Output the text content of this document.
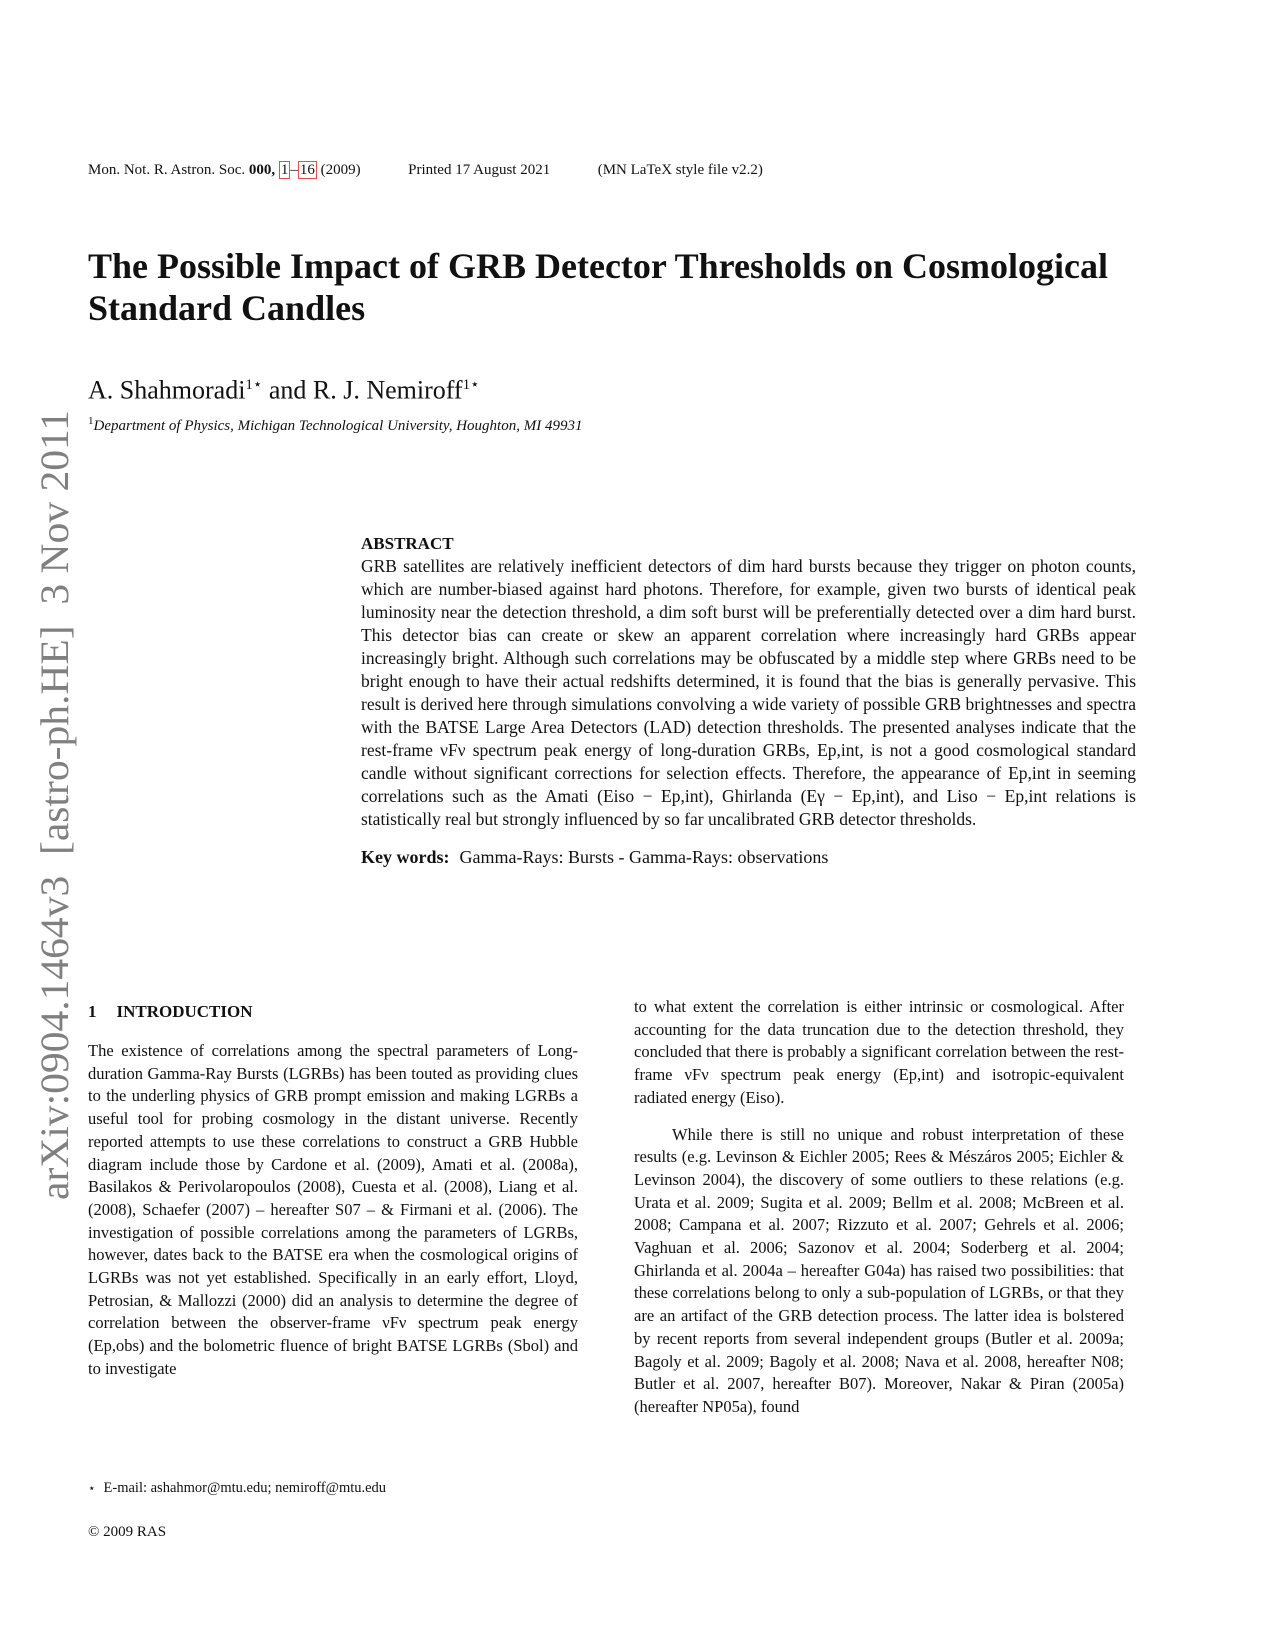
arXiv:0904.1464v3  [astro-ph.HE]  3 Nov 2011
Mon. Not. R. Astron. Soc. 000, 1 – 16 (2009)	Printed 17 August 2021	(MN LaTeX style file v2.2)
The Possible Impact of GRB Detector Thresholds on Cosmological Standard Candles
A. Shahmoradi$^{1⋆}$ and R. J. Nemiroff$^{1⋆}$
$^1$Department of Physics, Michigan Technological University, Houghton, MI 49931
ABSTRACT

GRB satellites are relatively inefficient detectors of dim hard bursts because they trigger on photon counts, which are number-biased against hard photons. Therefore, for example, given two bursts of identical peak luminosity near the detection threshold, a dim soft burst will be preferentially detected over a dim hard burst. This detector bias can create or skew an apparent correlation where increasingly hard GRBs appear increasingly bright. Although such correlations may be obfuscated by a middle step where GRBs need to be bright enough to have their actual redshifts determined, it is found that the bias is generally pervasive. This result is derived here through simulations convolving a wide variety of possible GRB brightnesses and spectra with the BATSE Large Area Detectors (LAD) detection thresholds. The presented analyses indicate that the rest-frame νFν spectrum peak energy of long-duration GRBs, Ep,int, is not a good cosmological standard candle without significant corrections for selection effects. Therefore, the appearance of Ep,int in seeming correlations such as the Amati (Eiso − Ep,int), Ghirlanda (Eγ − Ep,int), and Liso − Ep,int relations is statistically real but strongly influenced by so far uncalibrated GRB detector thresholds.

Key words: Gamma-Rays: Bursts - Gamma-Rays: observations
1 INTRODUCTION

The existence of correlations among the spectral parameters of Long-duration Gamma-Ray Bursts (LGRBs) has been touted as providing clues to the underling physics of GRB prompt emission and making LGRBs a useful tool for probing cosmology in the distant universe. Recently reported attempts to use these correlations to construct a GRB Hubble diagram include those by Cardone et al. (2009), Amati et al. (2008a), Basilakos & Perivolaropoulos (2008), Cuesta et al. (2008), Liang et al. (2008), Schaefer (2007) – hereafter S07 – & Firmani et al. (2006). The investigation of possible correlations among the parameters of LGRBs, however, dates back to the BATSE era when the cosmological origins of LGRBs was not yet established. Specifically in an early effort, Lloyd, Petrosian, & Mallozzi (2000) did an analysis to determine the degree of correlation between the observer-frame νFν spectrum peak energy (Ep,obs) and the bolometric fluence of bright BATSE LGRBs (Sbol) and to investigate

to what extent the correlation is either intrinsic or cosmological. After accounting for the data truncation due to the detection threshold, they concluded that there is probably a significant correlation between the rest-frame νFν spectrum peak energy (Ep,int) and isotropic-equivalent radiated energy (Eiso).

While there is still no unique and robust interpretation of these results (e.g. Levinson & Eichler 2005; Rees & Mészáros 2005; Eichler & Levinson 2004), the discovery of some outliers to these relations (e.g. Urata et al. 2009; Sugita et al. 2009; Bellm et al. 2008; McBreen et al. 2008; Campana et al. 2007; Rizzuto et al. 2007; Gehrels et al. 2006; Vaghuan et al. 2006; Sazonov et al. 2004; Soderberg et al. 2004; Ghirlanda et al. 2004a – hereafter G04a) has raised two possibilities: that these correlations belong to only a sub-population of LGRBs, or that they are an artifact of the GRB detection process. The latter idea is bolstered by recent reports from several independent groups (Butler et al. 2009a; Bagoly et al. 2009; Bagoly et al. 2008; Nava et al. 2008, hereafter N08; Butler et al. 2007, hereafter B07). Moreover, Nakar & Piran (2005a) (hereafter NP05a), found

⋆ E-mail: ashahmor@mtu.edu; nemiroff@mtu.edu
© 2009 RAS
